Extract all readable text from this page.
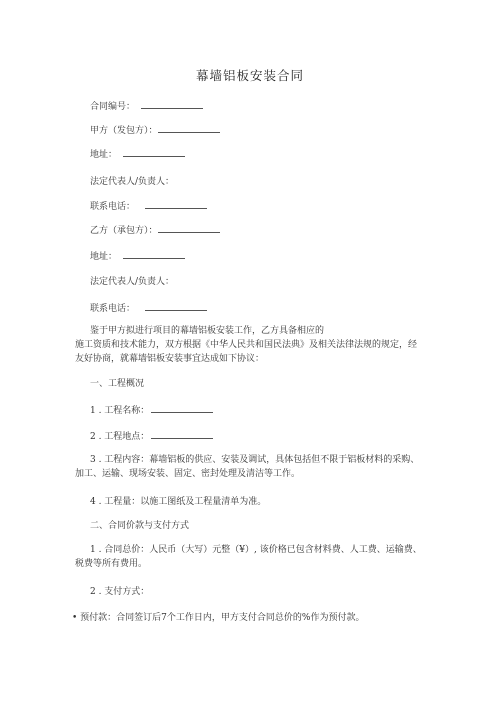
幕墙铝板安装合同
合同编号：
甲方（发包方）：
地址：
法定代表人/负责人：
联系电话：
乙方（承包方）：
地址：
法定代表人/负责人：
联系电话：
鉴于甲方拟进行项目的幕墙铝板安装工作，乙方具备相应的
施工资质和技术能力，双方根据《中华人民共和国民法典》及相关法律法规的规定，经
友好协商，就幕墙铝板安装事宜达成如下协议：
一、工程概况
1 . 工程名称：
2 . 工程地点：
3 . 工程内容：幕墙铝板的供应、安装及调试，具体包括但不限于铝板材料的采购、
加工、运输、现场安装、固定、密封处理及清洁等工作。
4 . 工程量：以施工图纸及工程量清单为准。
二、合同价款与支付方式
1 . 合同总价：人民币（大写）元整（¥）, 该价格已包含材料费、人工费、运输费、
税费等所有费用。
2 . 支付方式：
• 预付款：合同签订后7个工作日内，甲方支付合同总价的%作为预付款。
